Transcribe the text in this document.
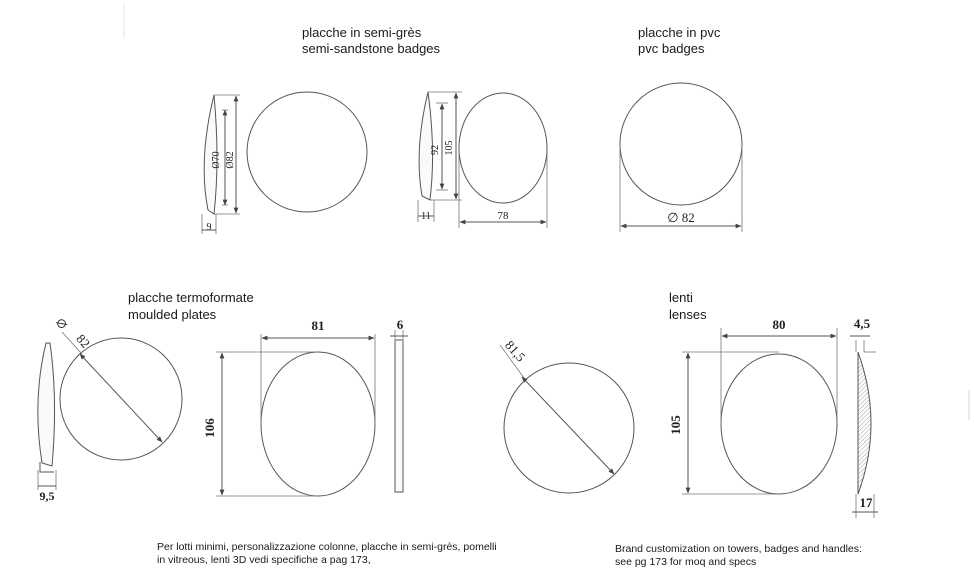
placche in semi-grès
semi-sandstone badges
placche in pvc
pvc badges
placche termoformate
moulded plates
lenti
lenses
Ø70 Ø82
9
92 105
11	78	∅ 82
9,5
⦰
82
81
106
6
81,5
80
105
4,5
17
Per lotti minimi, personalizzazione colonne, placche in semi-grès, pomelli
in vitreous, lenti 3D vedi specifiche a pag 173,
Brand customization on towers, badges and handles:
see pg 173 for moq and specs
